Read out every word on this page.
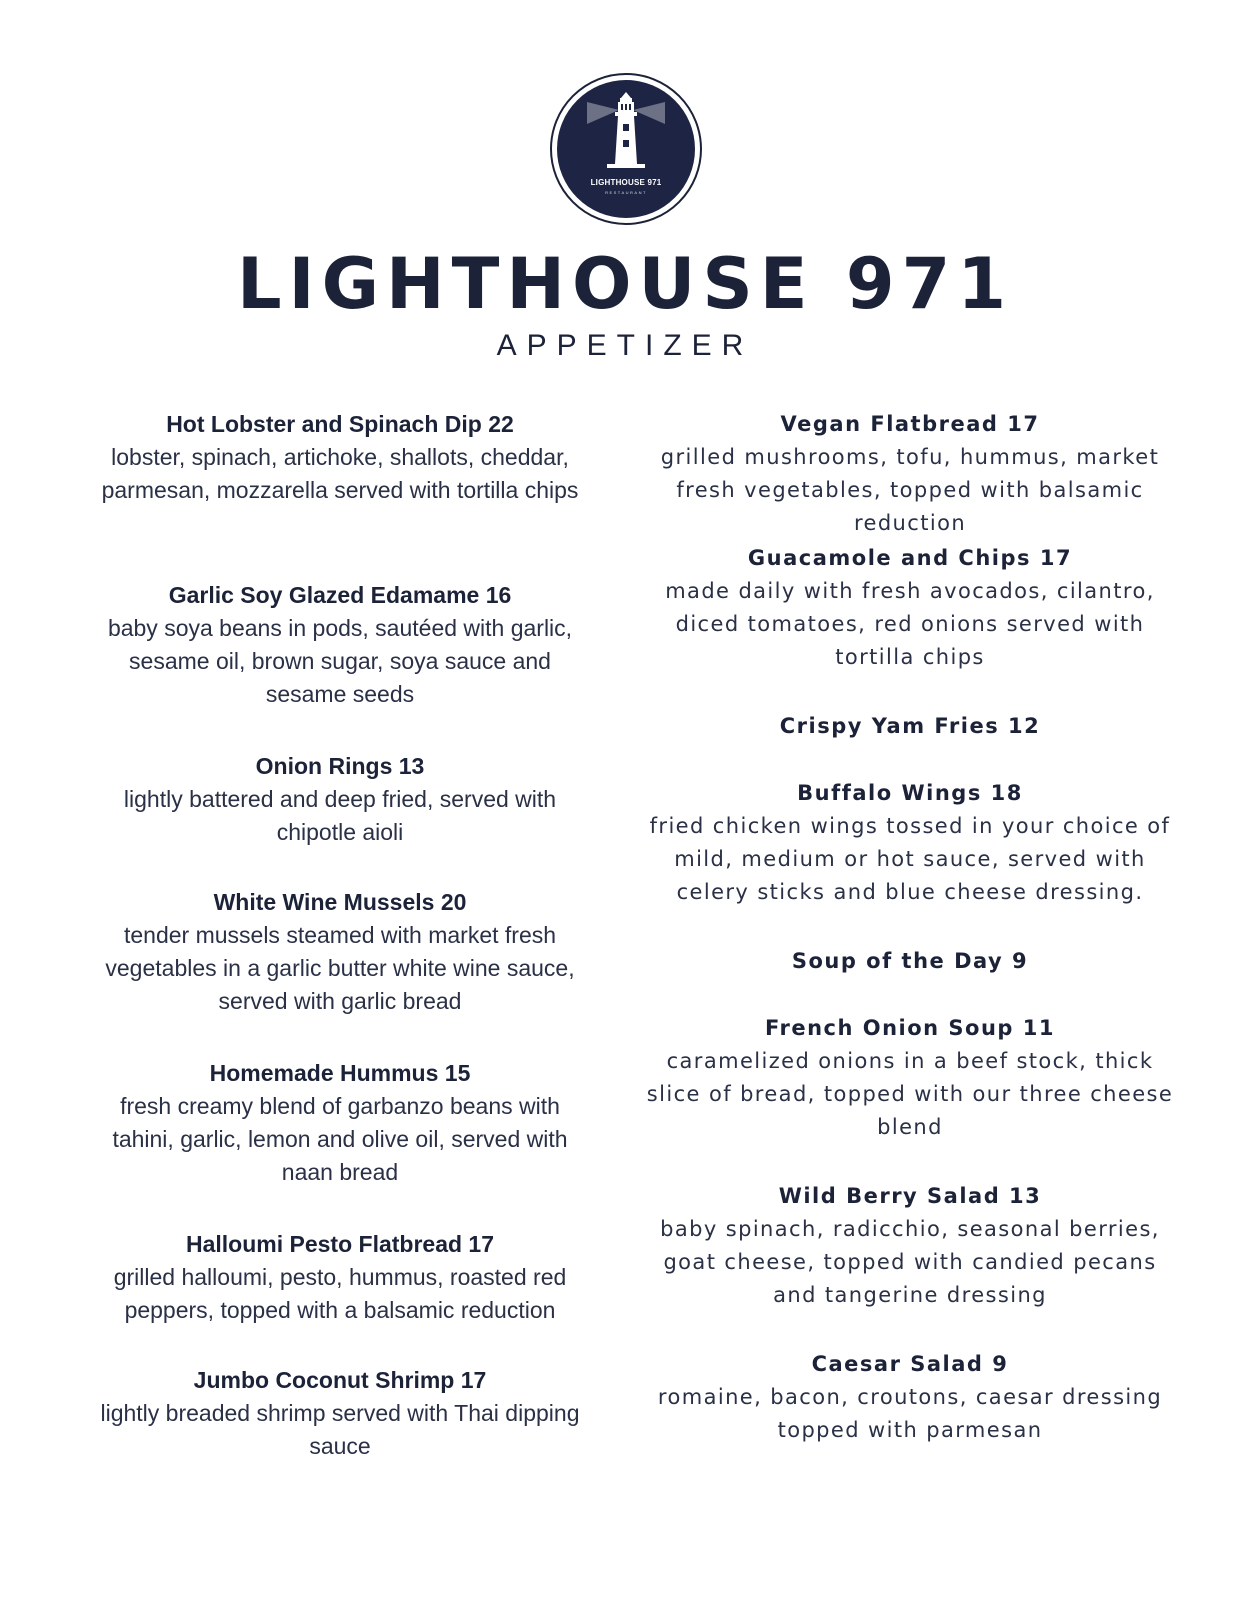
LIGHTHOUSE 971
RESTAURANT
LIGHTHOUSE 971
APPETIZER
Hot Lobster and Spinach Dip 22
lobster, spinach, artichoke, shallots, cheddar, parmesan, mozzarella served with tortilla chips
Garlic Soy Glazed Edamame 16
baby soya beans in pods, sautéed with garlic, sesame oil, brown sugar, soya sauce and sesame seeds
Onion Rings 13
lightly battered and deep fried, served with chipotle aioli
White Wine Mussels 20
tender mussels steamed with market fresh vegetables in a garlic butter white wine sauce, served with garlic bread
Homemade Hummus 15
fresh creamy blend of garbanzo beans with tahini, garlic, lemon and olive oil, served with naan bread
Halloumi Pesto Flatbread 17
grilled halloumi, pesto, hummus, roasted red peppers, topped with a balsamic reduction
Jumbo Coconut Shrimp 17
lightly breaded shrimp served with Thai dipping sauce
Vegan Flatbread 17
grilled mushrooms, tofu, hummus, market fresh vegetables, topped with balsamic reduction
Guacamole and Chips 17
made daily with fresh avocados, cilantro, diced tomatoes, red onions served with tortilla chips
Crispy Yam Fries 12
Buffalo Wings 18
fried chicken wings tossed in your choice of mild, medium or hot sauce, served with celery sticks and blue cheese dressing.
Soup of the Day 9
French Onion Soup 11
caramelized onions in a beef stock, thick slice of bread, topped with our three cheese blend
Wild Berry Salad 13
baby spinach, radicchio, seasonal berries, goat cheese, topped with candied pecans and tangerine dressing
Caesar Salad 9
romaine, bacon, croutons, caesar dressing topped with parmesan
